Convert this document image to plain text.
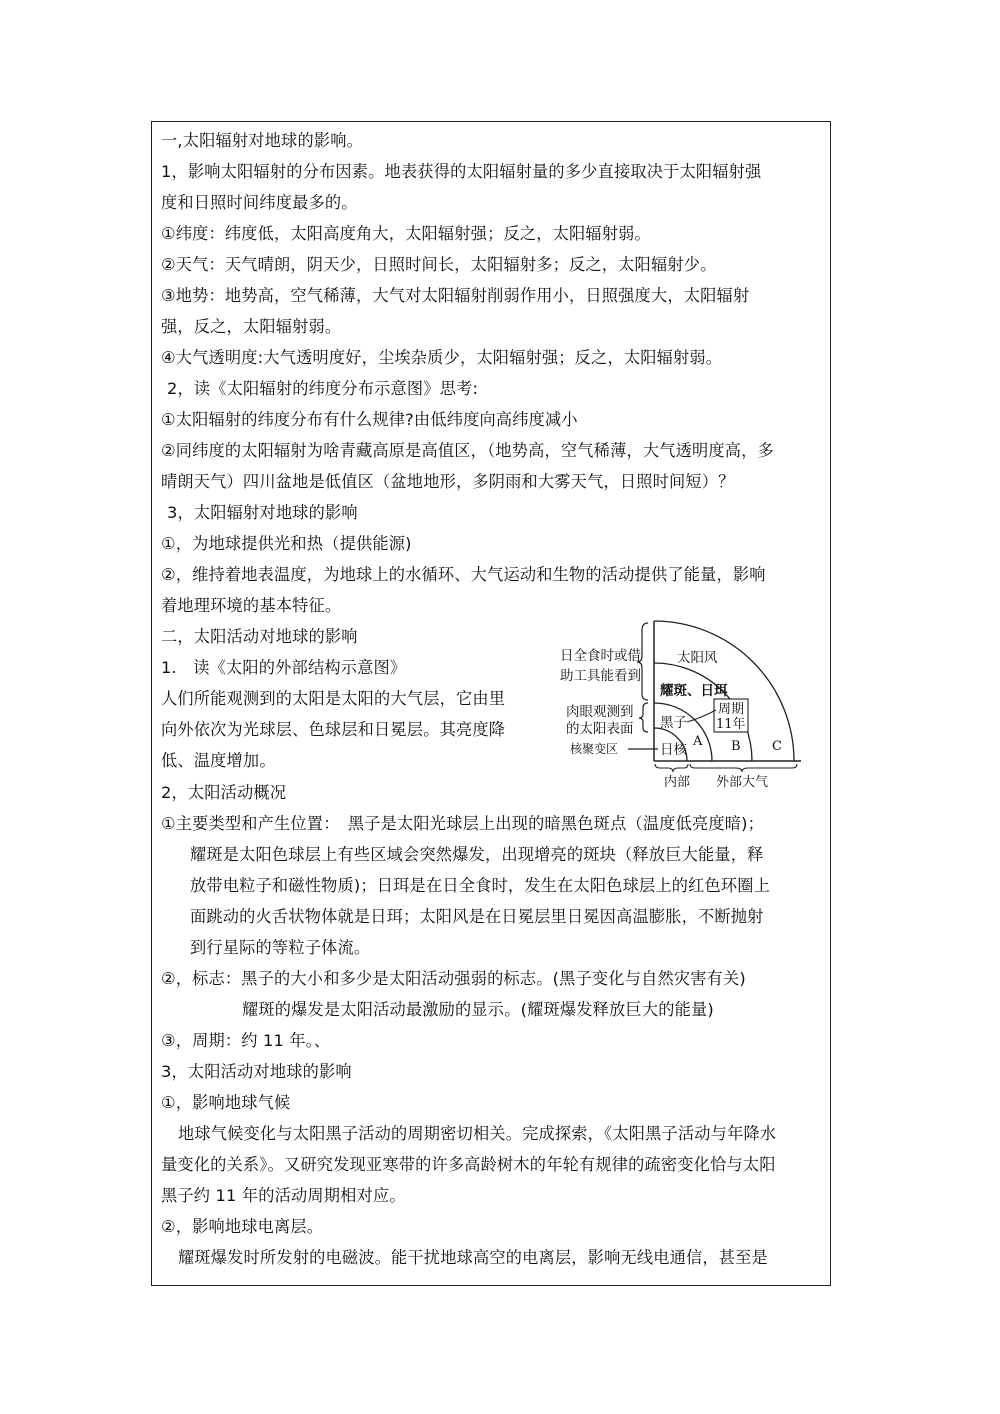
一,太阳辐射对地球的影响。
1，影响太阳辐射的分布因素。地表获得的太阳辐射量的多少直接取决于太阳辐射强
度和日照时间纬度最多的。
①纬度：纬度低，太阳高度角大，太阳辐射强；反之，太阳辐射弱。
②天气：天气晴朗，阴天少，日照时间长，太阳辐射多；反之，太阳辐射少。
③地势：地势高，空气稀薄，大气对太阳辐射削弱作用小，日照强度大，太阳辐射
强，反之，太阳辐射弱。
④大气透明度:大气透明度好，尘埃杂质少，太阳辐射强；反之，太阳辐射弱。
2，读《太阳辐射的纬度分布示意图》思考:
①太阳辐射的纬度分布有什么规律?由低纬度向高纬度减小
②同纬度的太阳辐射为啥青藏高原是高值区，（地势高，空气稀薄，大气透明度高，多
晴朗天气）四川盆地是低值区（盆地地形，多阴雨和大雾天气，日照时间短）？
3，太阳辐射对地球的影响
①，为地球提供光和热（提供能源)
②，维持着地表温度，为地球上的水循环、大气运动和生物的活动提供了能量，影响
着地理环境的基本特征。
二，太阳活动对地球的影响
1.　读《太阳的外部结构示意图》
人们所能观测到的太阳是太阳的大气层，它由里
向外依次为光球层、色球层和日冕层。其亮度降
低、温度增加。
2，太阳活动概况
①主要类型和产生位置：　黑子是太阳光球层上出现的暗黑色斑点（温度低亮度暗)；
耀斑是太阳色球层上有些区域会突然爆发，出现增亮的斑块（释放巨大能量，释
放带电粒子和磁性物质)；日珥是在日全食时，发生在太阳色球层上的红色环圈上
面跳动的火舌状物体就是日珥；太阳风是在日冕层里日冕因高温膨胀，不断抛射
到行星际的等粒子体流。
②，标志：黑子的大小和多少是太阳活动强弱的标志。(黑子变化与自然灾害有关)
耀斑的爆发是太阳活动最激励的显示。(耀斑爆发释放巨大的能量)
③，周期：约 11 年。、
3，太阳活动对地球的影响
①，影响地球气候
地球气候变化与太阳黑子活动的周期密切相关。完成探索，《太阳黑子活动与年降水
量变化的关系》。又研究发现亚寒带的许多高龄树木的年轮有规律的疏密变化恰与太阳
黑子约 11 年的活动周期相对应。
②，影响地球电离层。
耀斑爆发时所发射的电磁波。能干扰地球高空的电离层，影响无线电通信，甚至是
日全食时或借
助工具能看到
肉眼观测到
的太阳表面
核聚变区
太阳风
耀斑、日珥
周期
11年
黑子
日核
A B C
内部 外部大气
